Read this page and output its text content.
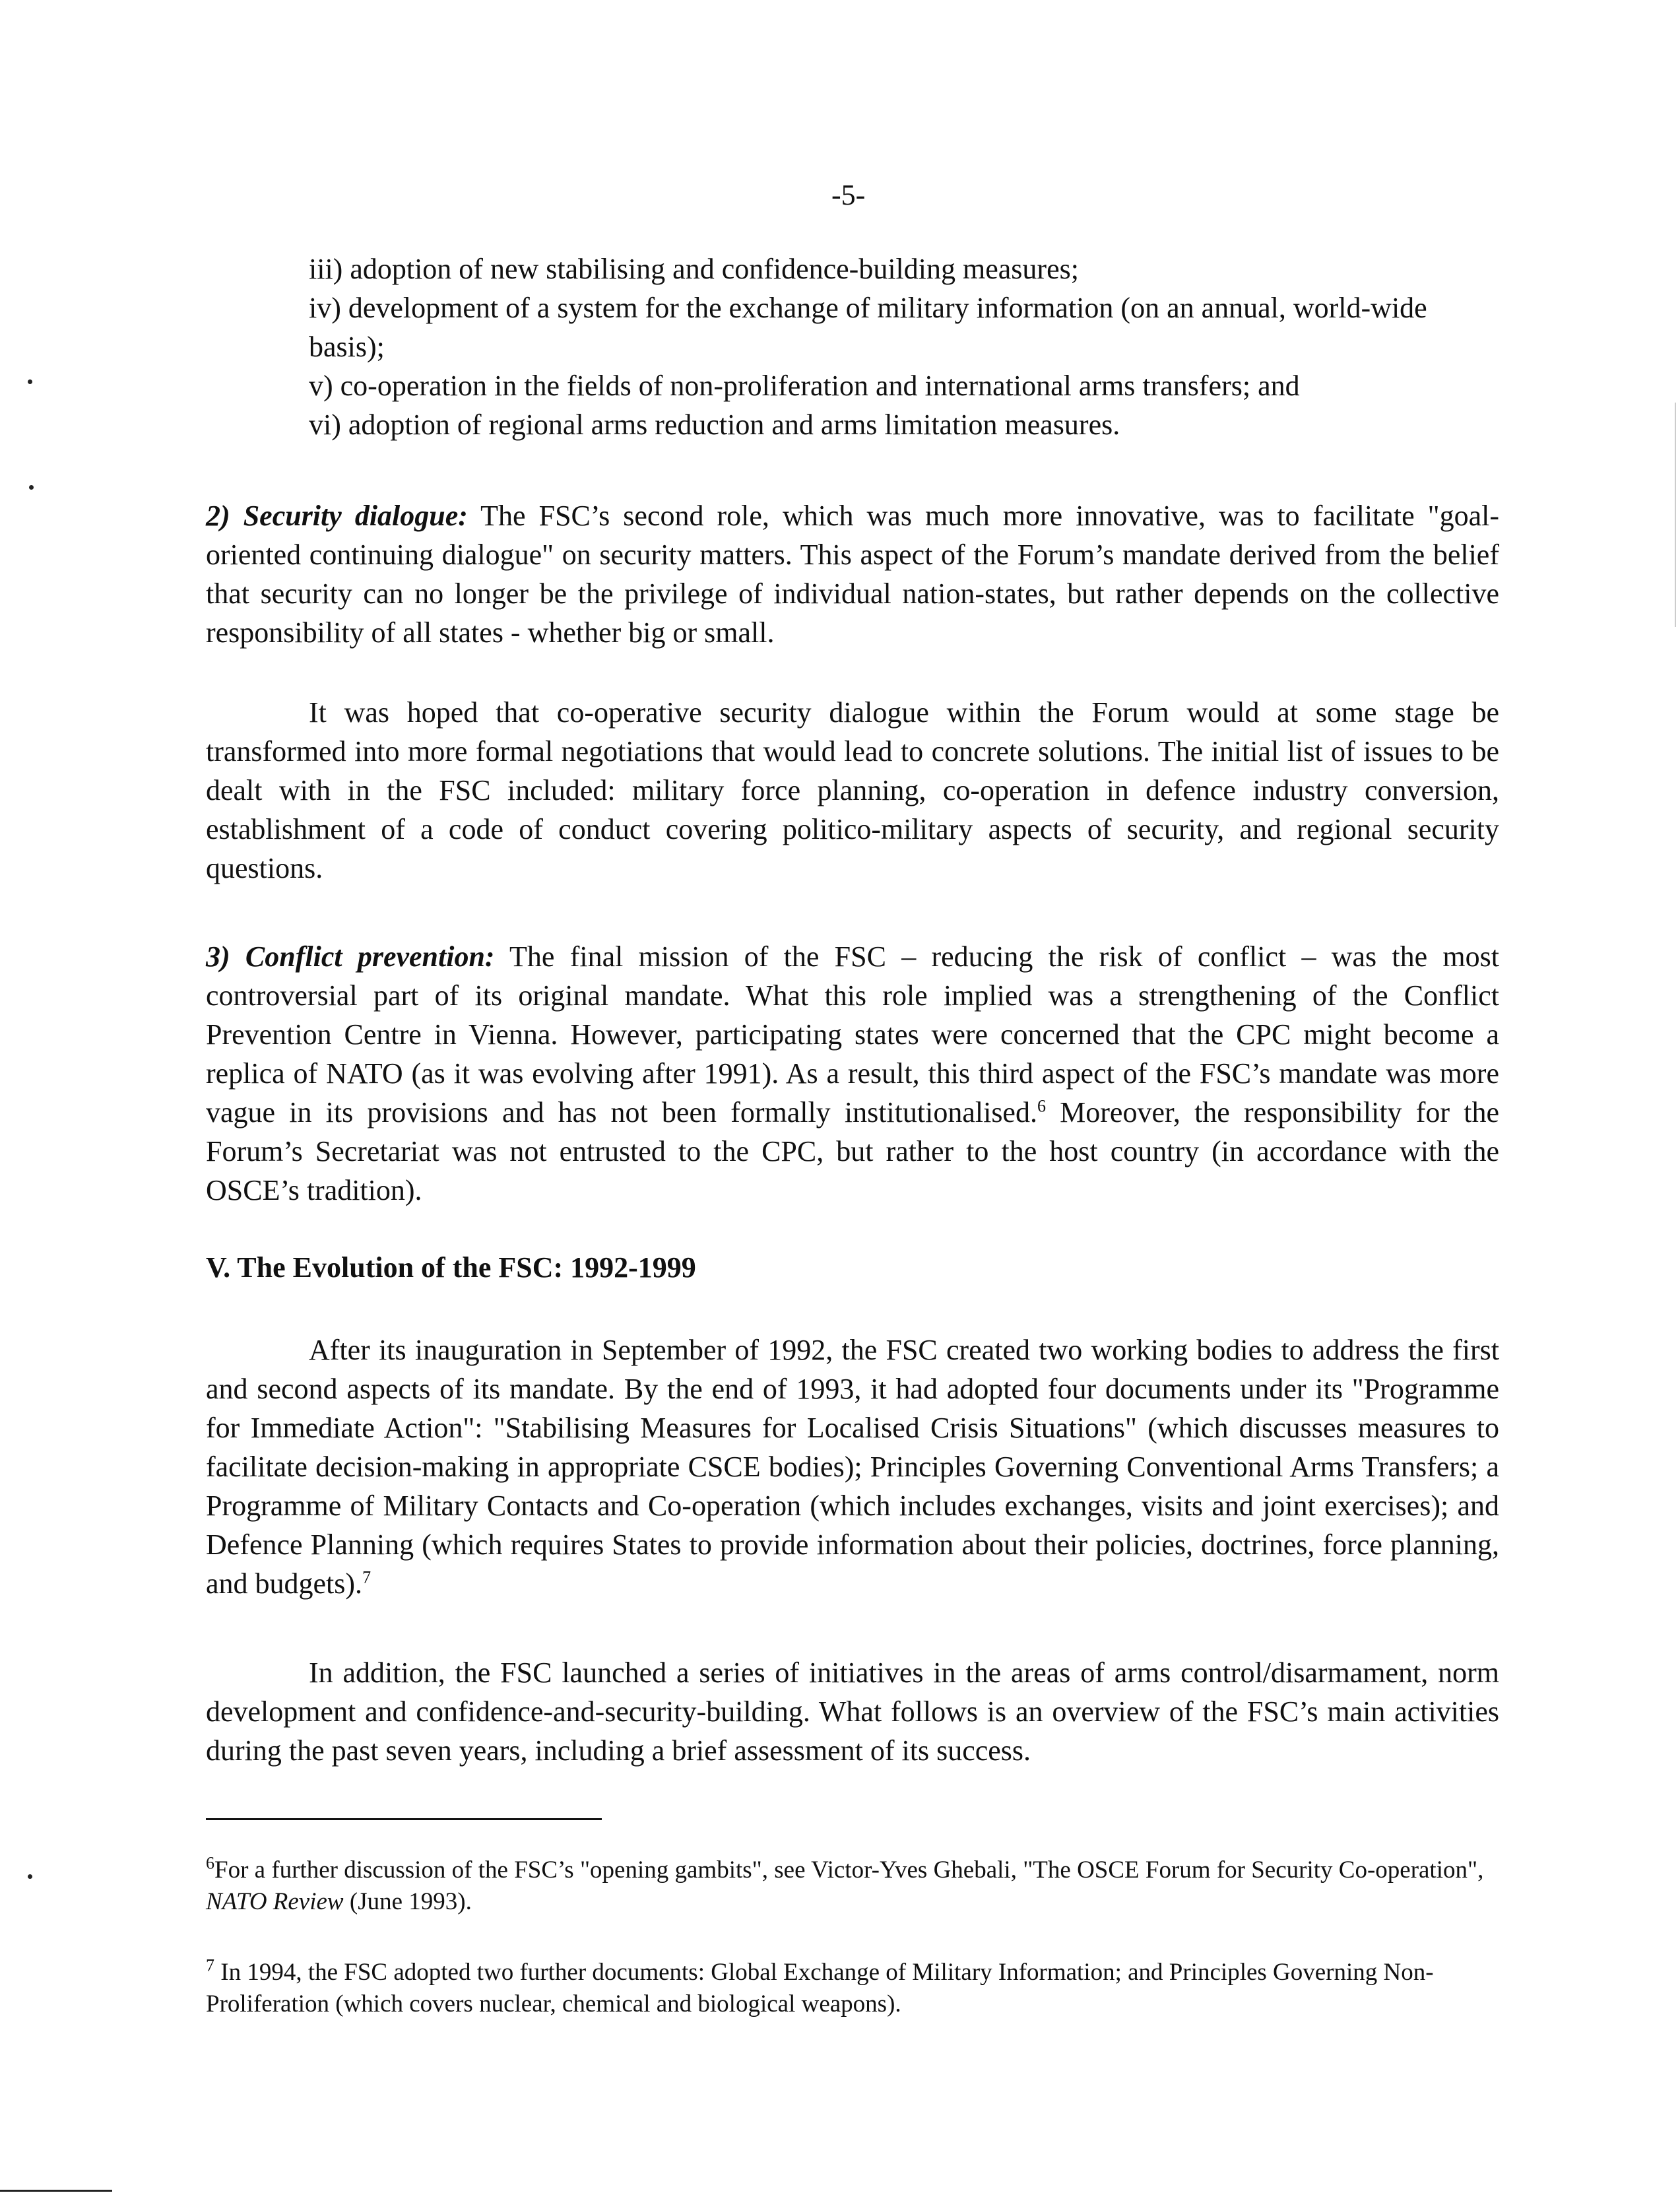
-5-
iii) adoption of new stabilising and confidence-building measures;
iv) development of a system for the exchange of military information (on an annual, world-wide basis);
v) co-operation in the fields of non-proliferation and international arms transfers; and
vi) adoption of regional arms reduction and arms limitation measures.
2) Security dialogue: The FSC’s second role, which was much more innovative, was to facilitate "goal-oriented continuing dialogue" on security matters. This aspect of the Forum’s mandate derived from the belief that security can no longer be the privilege of individual nation-states, but rather depends on the collective responsibility of all states - whether big or small.
It was hoped that co-operative security dialogue within the Forum would at some stage be transformed into more formal negotiations that would lead to concrete solutions. The initial list of issues to be dealt with in the FSC included: military force planning, co-operation in defence industry conversion, establishment of a code of conduct covering politico-military aspects of security, and regional security questions.
3) Conflict prevention: The final mission of the FSC – reducing the risk of conflict – was the most controversial part of its original mandate. What this role implied was a strengthening of the Conflict Prevention Centre in Vienna. However, participating states were concerned that the CPC might become a replica of NATO (as it was evolving after 1991). As a result, this third aspect of the FSC’s mandate was more vague in its provisions and has not been formally institutionalised.$^6$ Moreover, the responsibility for the Forum’s Secretariat was not entrusted to the CPC, but rather to the host country (in accordance with the OSCE’s tradition).
V. The Evolution of the FSC: 1992-1999
After its inauguration in September of 1992, the FSC created two working bodies to address the first and second aspects of its mandate. By the end of 1993, it had adopted four documents under its "Programme for Immediate Action": "Stabilising Measures for Localised Crisis Situations" (which discusses measures to facilitate decision-making in appropriate CSCE bodies); Principles Governing Conventional Arms Transfers; a Programme of Military Contacts and Co-operation (which includes exchanges, visits and joint exercises); and Defence Planning (which requires States to provide information about their policies, doctrines, force planning, and budgets).$^7$
In addition, the FSC launched a series of initiatives in the areas of arms control/disarmament, norm development and confidence-and-security-building. What follows is an overview of the FSC’s main activities during the past seven years, including a brief assessment of its success.
$^6$For a further discussion of the FSC’s "opening gambits", see Victor-Yves Ghebali, "The OSCE Forum for Security Co-operation", NATO Review (June 1993).
$^7$ In 1994, the FSC adopted two further documents: Global Exchange of Military Information; and Principles Governing Non-Proliferation (which covers nuclear, chemical and biological weapons).
